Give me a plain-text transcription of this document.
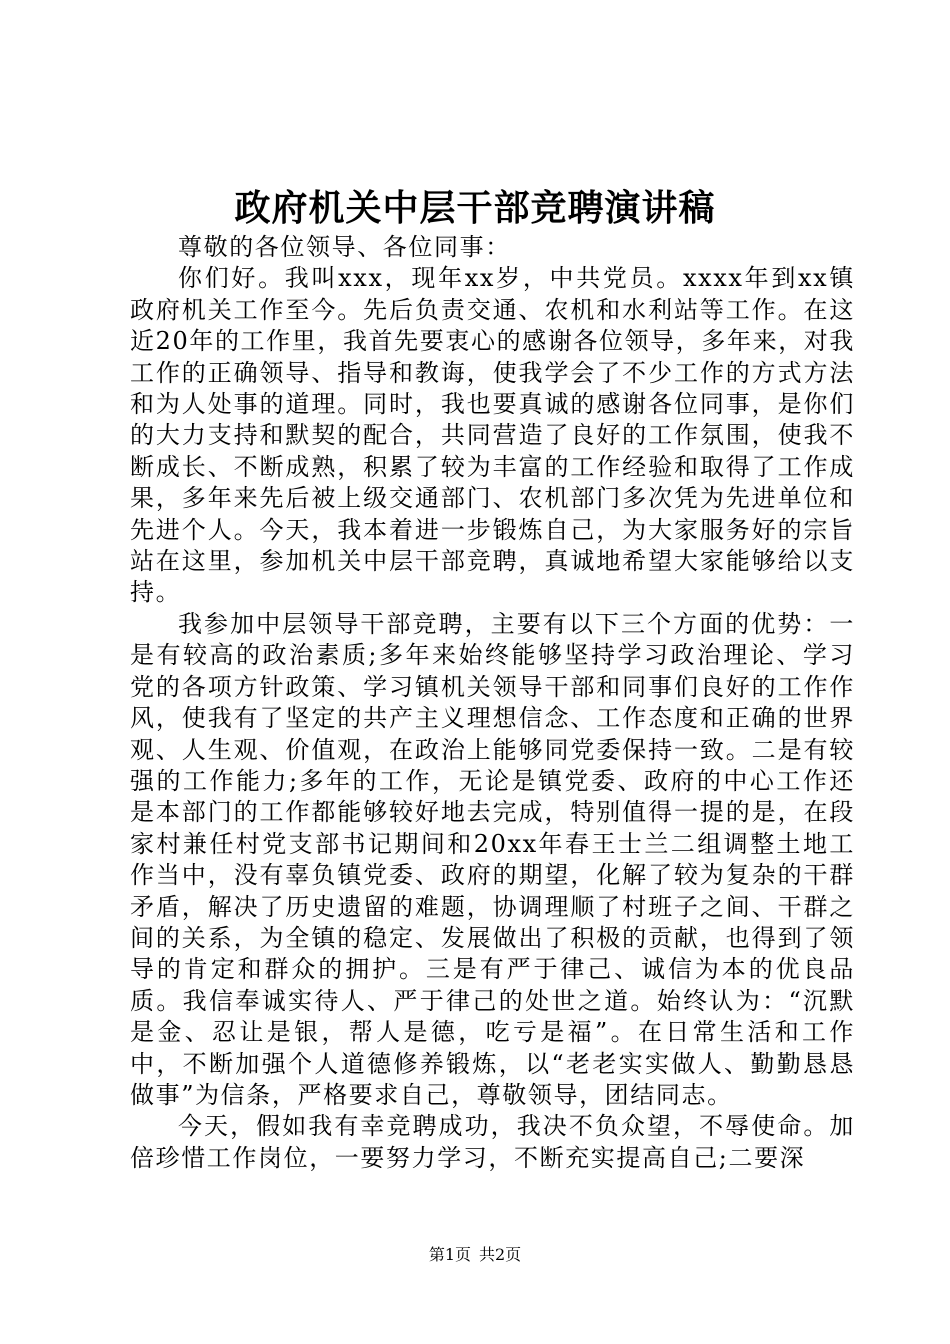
政府机关中层干部竞聘演讲稿

尊敬的各位领导、各位同事：

你们好。我叫xxx，现年xx岁，中共党员。xxxx年到xx镇政府机关工作至今。先后负责交通、农机和水利站等工作。在这近20年的工作里，我首先要衷心的感谢各位领导，多年来，对我工作的正确领导、指导和教诲，使我学会了不少工作的方式方法和为人处事的道理。同时，我也要真诚的感谢各位同事，是你们的大力支持和默契的配合，共同营造了良好的工作氛围，使我不断成长、不断成熟，积累了较为丰富的工作经验和取得了工作成果，多年来先后被上级交通部门、农机部门多次凭为先进单位和先进个人。今天，我本着进一步锻炼自己，为大家服务好的宗旨站在这里，参加机关中层干部竞聘，真诚地希望大家能够给以支持。

我参加中层领导干部竞聘，主要有以下三个方面的优势：一是有较高的政治素质;多年来始终能够坚持学习政治理论、学习党的各项方针政策、学习镇机关领导干部和同事们良好的工作作风，使我有了坚定的共产主义理想信念、工作态度和正确的世界观、人生观、价值观，在政治上能够同党委保持一致。二是有较强的工作能力;多年的工作，无论是镇党委、政府的中心工作还是本部门的工作都能够较好地去完成，特别值得一提的是，在段家村兼任村党支部书记期间和20xx年春王士兰二组调整土地工作当中，没有辜负镇党委、政府的期望，化解了较为复杂的干群矛盾，解决了历史遗留的难题，协调理顺了村班子之间、干群之间的关系，为全镇的稳定、发展做出了积极的贡献，也得到了领导的肯定和群众的拥护。三是有严于律己、诚信为本的优良品质。我信奉诚实待人、严于律己的处世之道。始终认为：“沉默是金、忍让是银，帮人是德，吃亏是福”。在日常生活和工作中，不断加强个人道德修养锻炼，以“老老实实做人、勤勤恳恳做事”为信条，严格要求自己，尊敬领导，团结同志。

今天，假如我有幸竞聘成功，我决不负众望，不辱使命。加倍珍惜工作岗位，一要努力学习，不断充实提高自己;二要深

第1页 共2页
